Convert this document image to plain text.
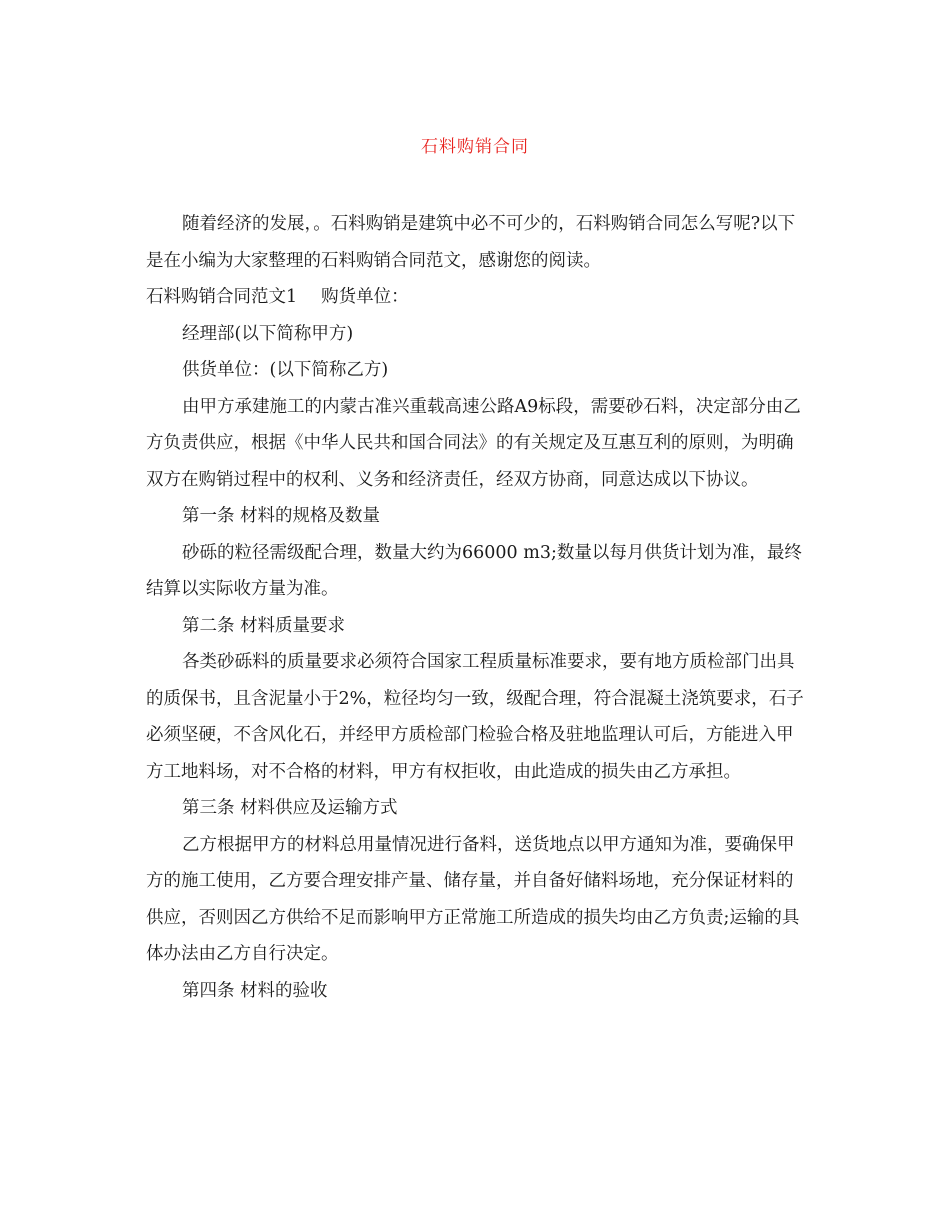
石料购销合同

随着经济的发展，。石料购销是建筑中必不可少的，石料购销合同怎么写呢?以下是在小编为大家整理的石料购销合同范文，感谢您的阅读。

石料购销合同范文1 购货单位：

经理部(以下简称甲方)

供货单位：(以下简称乙方)

由甲方承建施工的内蒙古准兴重载高速公路A9标段，需要砂石料，决定部分由乙方负责供应，根据《中华人民共和国合同法》的有关规定及互惠互利的原则，为明确双方在购销过程中的权利、义务和经济责任，经双方协商，同意达成以下协议。

第一条 材料的规格及数量

砂砾的粒径需级配合理，数量大约为66000 m3;数量以每月供货计划为准，最终结算以实际收方量为准。

第二条 材料质量要求

各类砂砾料的质量要求必须符合国家工程质量标准要求，要有地方质检部门出具的质保书，且含泥量小于2%，粒径均匀一致，级配合理，符合混凝土浇筑要求，石子必须坚硬，不含风化石，并经甲方质检部门检验合格及驻地监理认可后，方能进入甲方工地料场，对不合格的材料，甲方有权拒收，由此造成的损失由乙方承担。

第三条 材料供应及运输方式

乙方根据甲方的材料总用量情况进行备料，送货地点以甲方通知为准，要确保甲方的施工使用，乙方要合理安排产量、储存量，并自备好储料场地，充分保证材料的供应，否则因乙方供给不足而影响甲方正常施工所造成的损失均由乙方负责;运输的具体办法由乙方自行决定。

第四条 材料的验收
